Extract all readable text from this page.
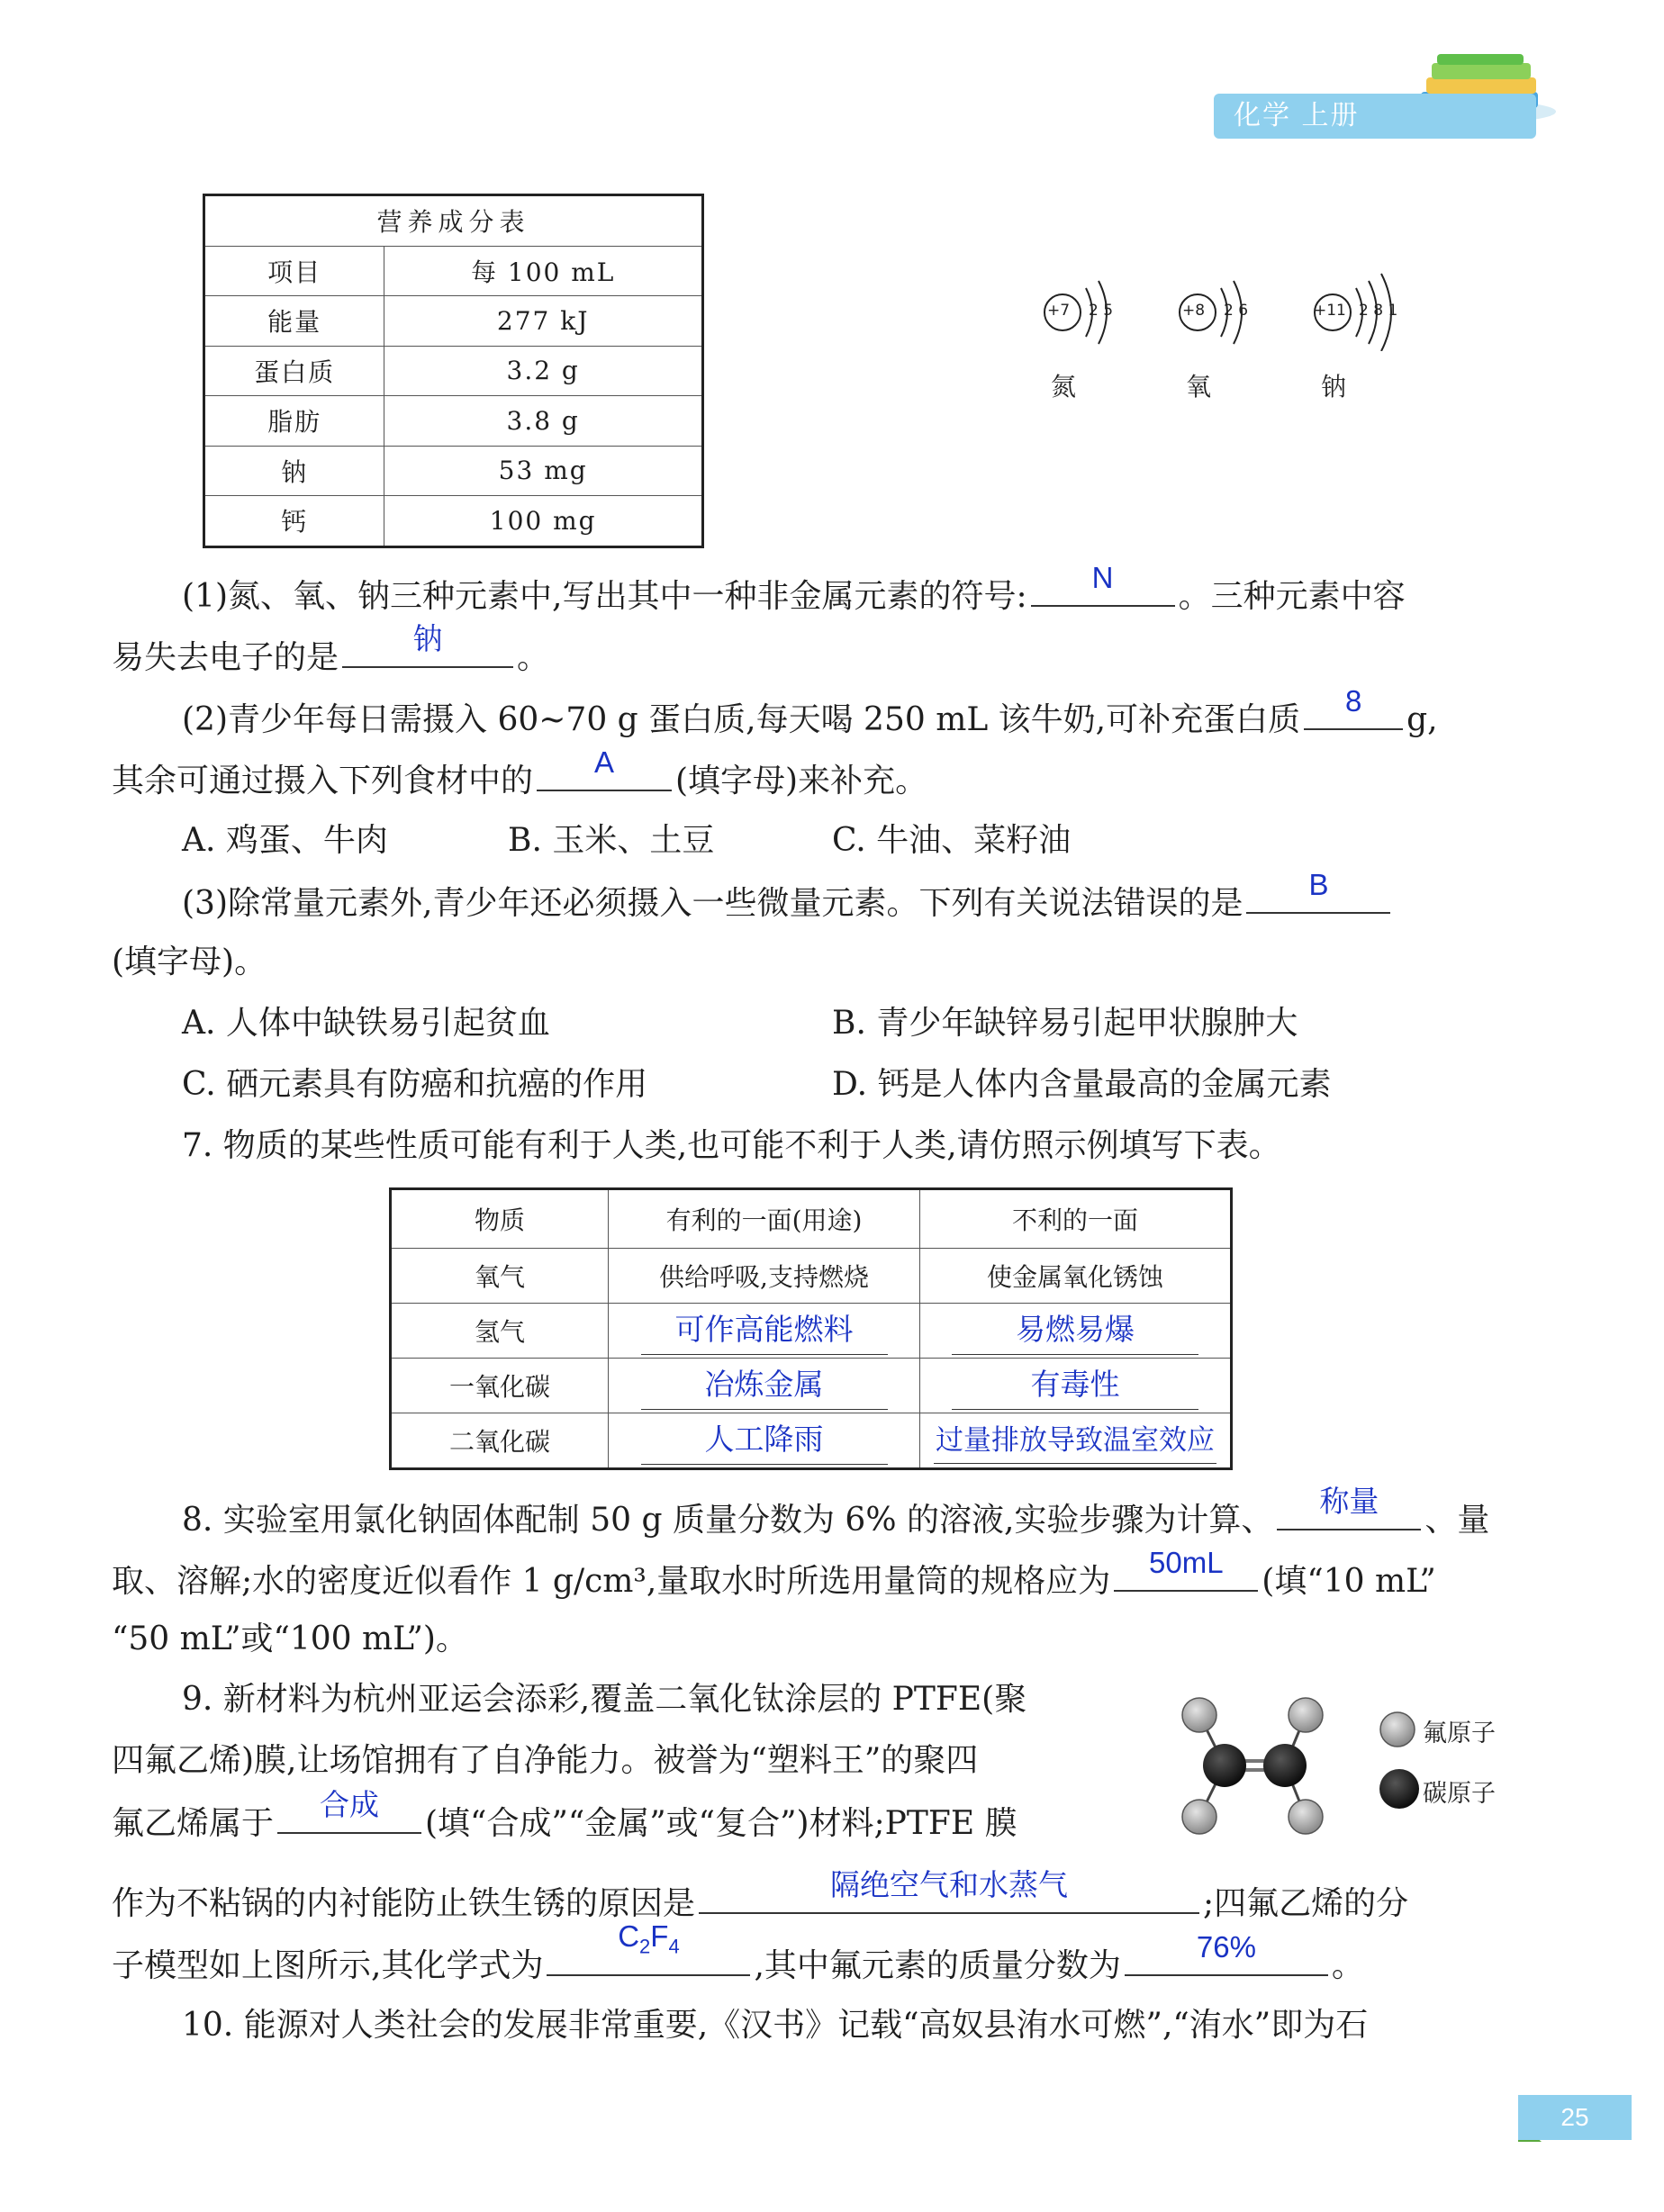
化学 上册
营养成分表	
项目	每 100 mL
能量	277 kJ
蛋白质	3.2 g
脂肪	3.8 g
钠	53 mg
钙	100 mg
+7 2 5
氮
+8 2 6
氧
+11 2 8 1
钠
(1)氮、氧、钠三种元素中,写出其中一种非金属元素的符号:
N
。三种元素中容
易失去电子的是
钠
。
(2)青少年每日需摄入 60~70 g 蛋白质,每天喝 250 mL 该牛奶,可补充蛋白质
8
g,
其余可通过摄入下列食材中的
A
(填字母)来补充。
A. 鸡蛋、牛肉	B. 玉米、土豆	C. 牛油、菜籽油
(3)除常量元素外,青少年还必须摄入一些微量元素。下列有关说法错误的是
B
(填字母)。
A. 人体中缺铁易引起贫血	B. 青少年缺锌易引起甲状腺肿大
C. 硒元素具有防癌和抗癌的作用	D. 钙是人体内含量最高的金属元素
7. 物质的某些性质可能有利于人类,也可能不利于人类,请仿照示例填写下表。
物质	有利的一面(用途)	不利的一面
氧气	供给呼吸,支持燃烧	使金属氧化锈蚀
氢气	可作高能燃料	易燃易爆
一氧化碳	冶炼金属	有毒性
二氧化碳	人工降雨	过量排放导致温室效应
8. 实验室用氯化钠固体配制 50 g 质量分数为 6% 的溶液,实验步骤为计算、
称量
、量
取、溶解;水的密度近似看作 1 g/cm³,量取水时所选用量筒的规格应为
50mL
(填“10 mL”
“50 mL”或“100 mL”)。
9. 新材料为杭州亚运会添彩,覆盖二氧化钛涂层的 PTFE(聚
四氟乙烯)膜,让场馆拥有了自净能力。被誉为“塑料王”的聚四
氟乙烯属于
合成
(填“合成”“金属”或“复合”)材料;PTFE 膜
作为不粘锅的内衬能防止铁生锈的原因是
隔绝空气和水蒸气
;四氟乙烯的分
子模型如上图所示,其化学式为
$C_2F_4$
,其中氟元素的质量分数为
76%
。
氟原子
碳原子
10. 能源对人类社会的发展非常重要,《汉书》记载“高奴县洧水可燃”,“洧水”即为石
25
